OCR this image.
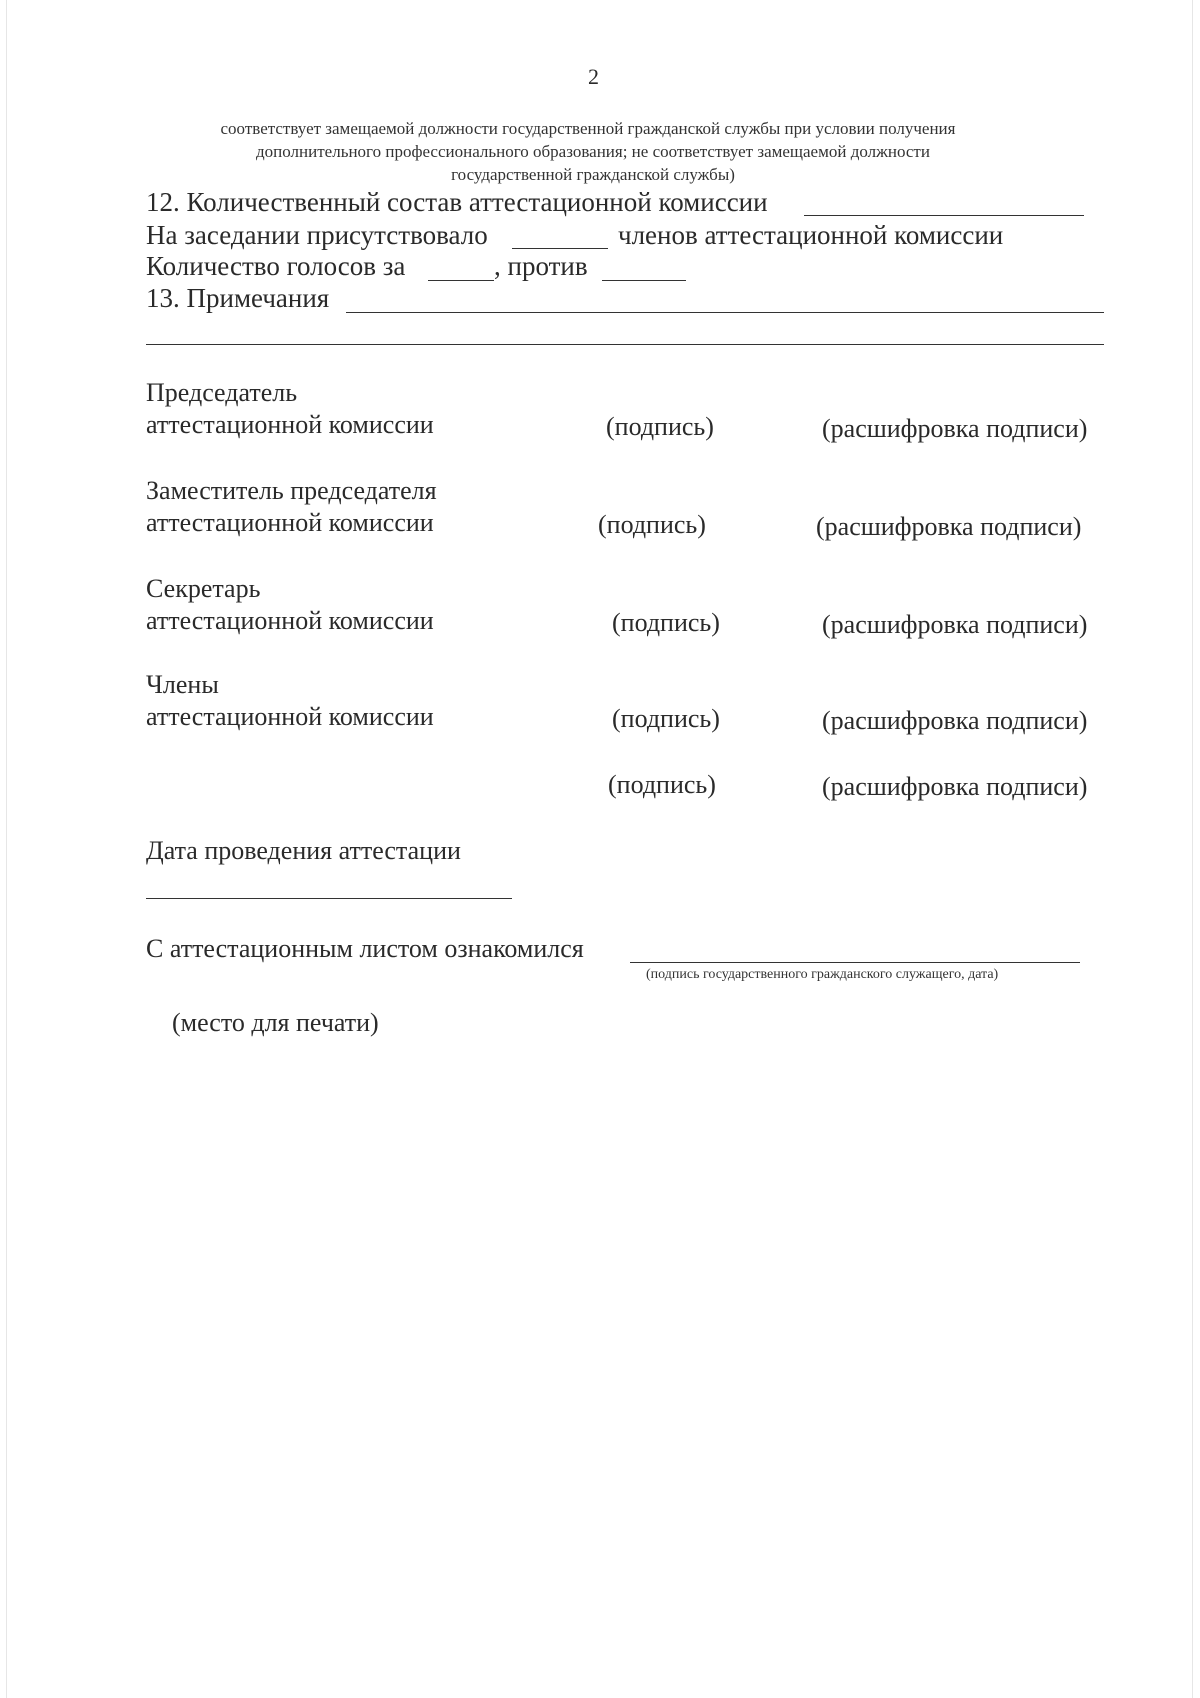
2
соответствует замещаемой должности государственной гражданской службы при условии получения
дополнительного профессионального образования; не соответствует замещаемой должности
государственной гражданской службы)
12. Количественный состав аттестационной комиссии
На заседании присутствовало	членов аттестационной комиссии
Количество голосов за	, против
13. Примечания
Председатель
аттестационной комиссии	(подпись)	(расшифровка подписи)
Заместитель председателя
аттестационной комиссии	(подпись)	(расшифровка подписи)
Секретарь
аттестационной комиссии	(подпись)	(расшифровка подписи)
Члены
аттестационной комиссии	(подпись)	(расшифровка подписи)
(подпись)	(расшифровка подписи)
Дата проведения аттестации
С аттестационным листом ознакомился
(подпись государственного гражданского служащего, дата)
(место для печати)
